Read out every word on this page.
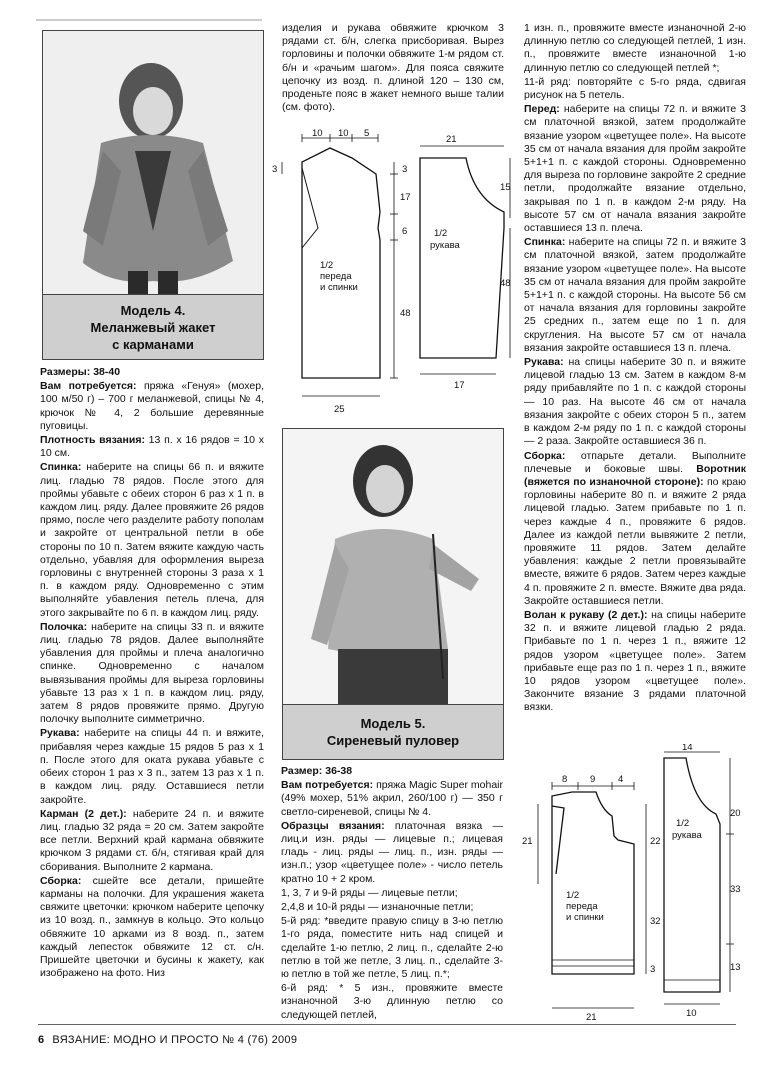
Модель 4.
Меланжевый жакет
с карманами

Размеры: 38-40

Вам потребуется: пряжа «Генуя» (мохер, 100 м/50 г) – 700 г меланжевой, спицы № 4, крючок № 4, 2 большие деревянные пуговицы.

Плотность вязания: 13 п. х 16 рядов = 10 х 10 см.

Спинка: наберите на спицы 66 п. и вяжите лиц. гладью 78 рядов. После этого для проймы убавьте с обеих сторон 6 раз х 1 п. в каждом лиц. ряду. Далее провяжите 26 рядов прямо, после чего разделите работу пополам и закройте от центральной петли в обе стороны по 10 п. Затем вяжите каждую часть отдельно, убавляя для оформления выреза горловины с внутренней стороны 3 раза х 1 п. в каждом ряду. Одновременно с этим выполняйте убавления петель плеча, для этого закрывайте по 6 п. в каждом лиц. ряду.

Полочка: наберите на спицы 33 п. и вяжите лиц. гладью 78 рядов. Далее выполняйте убавления для проймы и плеча аналогично спинке. Одновременно с началом вывязывания проймы для выреза горловины убавьте 13 раз х 1 п. в каждом лиц. ряду, затем 8 рядов провяжите прямо. Другую полочку выполните симметрично.

Рукава: наберите на спицы 44 п. и вяжите, прибавляя через каждые 15 рядов 5 раз х 1 п. После этого для оката рукава убавьте с обеих сторон 1 раз х 3 п., затем 13 раз х 1 п. в каждом лиц. ряду. Оставшиеся петли закройте.

Карман (2 дет.): наберите 24 п. и вяжите лиц. гладью 32 ряда = 20 см. Затем закройте все петли. Верхний край кармана обвяжите крючком 3 рядами ст. б/н, стягивая край для сборивания. Выполните 2 кармана.

Сборка: сшейте все детали, пришейте карманы на полочки. Для украшения жакета свяжите цветочки: крючком наберите цепочку из 10 возд. п., замкнув в кольцо. Это кольцо обвяжите 10 арками из 8 возд. п., затем каждый лепесток обвяжите 12 ст. с/н. Пришейте цветочки и бусины к жакету, как изображено на фото. Низ

изделия и рукава обвяжите крючком 3 рядами ст. б/н, слегка присборивая. Вырез горловины и полочки обвяжите 1-м рядом ст. б/н и «рачьим шагом». Для пояса свяжите цепочку из возд. п. длиной 120 – 130 см, проденьте пояс в жакет немного выше талии (см. фото).

10 10 5
3	3
17
6
48
25
1/2
переда
и спинки
21
15
48
17
1/2
рукава
Модель 5.
Сиреневый пуловер

Размер: 36-38

Вам потребуется: пряжа Magic Super mohair (49% мохер, 51% акрил, 260/100 г) — 350 г светло-сиреневой, спицы № 4.

Образцы вязания: платочная вязка — лиц.и изн. ряды — лицевые п.; лицевая гладь - лиц. ряды — лиц. п., изн. ряды — изн.п.; узор «цветущее поле» - число петель кратно 10 + 2 кром.

1, 3, 7 и 9-й ряды — лицевые петли;

2,4,8 и 10-й ряды — изнаночные петли;

5-й ряд: *введите правую спицу в 3-ю петлю 1-го ряда, поместите нить над спицей и сделайте 1-ю петлю, 2 лиц. п., сделайте 2-ю петлю в той же петле, 3 лиц. п., сделайте 3-ю петлю в той же петле, 5 лиц. п.*;

6-й ряд: * 5 изн., провяжите вместе изнаночной 3-ю длинную петлю со следующей петлей,

1 изн. п., провяжите вместе изнаночной 2-ю длинную петлю со следующей петлей, 1 изн. п., провяжите вместе изнаночной 1-ю длинную петлю со следующей петлей *;

11-й ряд: повторяйте с 5-го ряда, сдвигая рисунок на 5 петель.

Перед: наберите на спицы 72 п. и вяжите 3 см платочной вязкой, затем продолжайте вязание узором «цветущее поле». На высоте 35 см от начала вязания для пройм закройте 5+1+1 п. с каждой стороны. Одновременно для выреза по горловине закройте 2 средние петли, продолжайте вязание отдельно, закрывая по 1 п. в каждом 2-м ряду. На высоте 57 см от начала вязания закройте оставшиеся 13 п. плеча.

Спинка: наберите на спицы 72 п. и вяжите 3 см платочной вязкой, затем продолжайте вязание узором «цветущее поле». На высоте 35 см от начала вязания для пройм закройте 5+1+1 п. с каждой стороны. На высоте 56 см от начала вязания для горловины закройте 25 средних п., затем еще по 1 п. для скругления. На высоте 57 см от начала вязания закройте оставшиеся 13 п. плеча.

Рукава: на спицы наберите 30 п. и вяжите лицевой гладью 13 см. Затем в каждом 8-м ряду прибавляйте по 1 п. с каждой стороны — 10 раз. На высоте 46 см от начала вязания закройте с обеих сторон 5 п., затем в каждом 2-м ряду по 1 п. с каждой стороны — 2 раза. Закройте оставшиеся 36 п.

Сборка: отпарьте детали. Выполните плечевые и боковые швы. Воротник (вяжется по изнаночной стороне): по краю горловины наберите 80 п. и вяжите 2 ряда лицевой гладью. Затем прибавьте по 1 п. через каждые 4 п., провяжите 6 рядов. Далее из каждой петли вывяжите 2 петли, провяжите 11 рядов. Затем делайте убавления: каждые 2 петли провязывайте вместе, вяжите 6 рядов. Затем через каждые 4 п. провяжите 2 п. вместе. Вяжите два ряда. Закройте оставшиеся петли.

Волан к рукаву (2 дет.): на спицы наберите 32 п. и вяжите лицевой гладью 2 ряда. Прибавьте по 1 п. через 1 п., вяжите 12 рядов узором «цветущее поле». Затем прибавьте еще раз по 1 п. через 1 п., вяжите 10 рядов узором «цветущее поле». Закончите вязание 3 рядами платочной вязки.

8 9 4
21	22
32
3
21
1/2
переда
и спинки
14
20
33
13
10
1/2
рукава
6 ВЯЗАНИЕ: МОДНО И ПРОСТО № 4 (76) 2009
